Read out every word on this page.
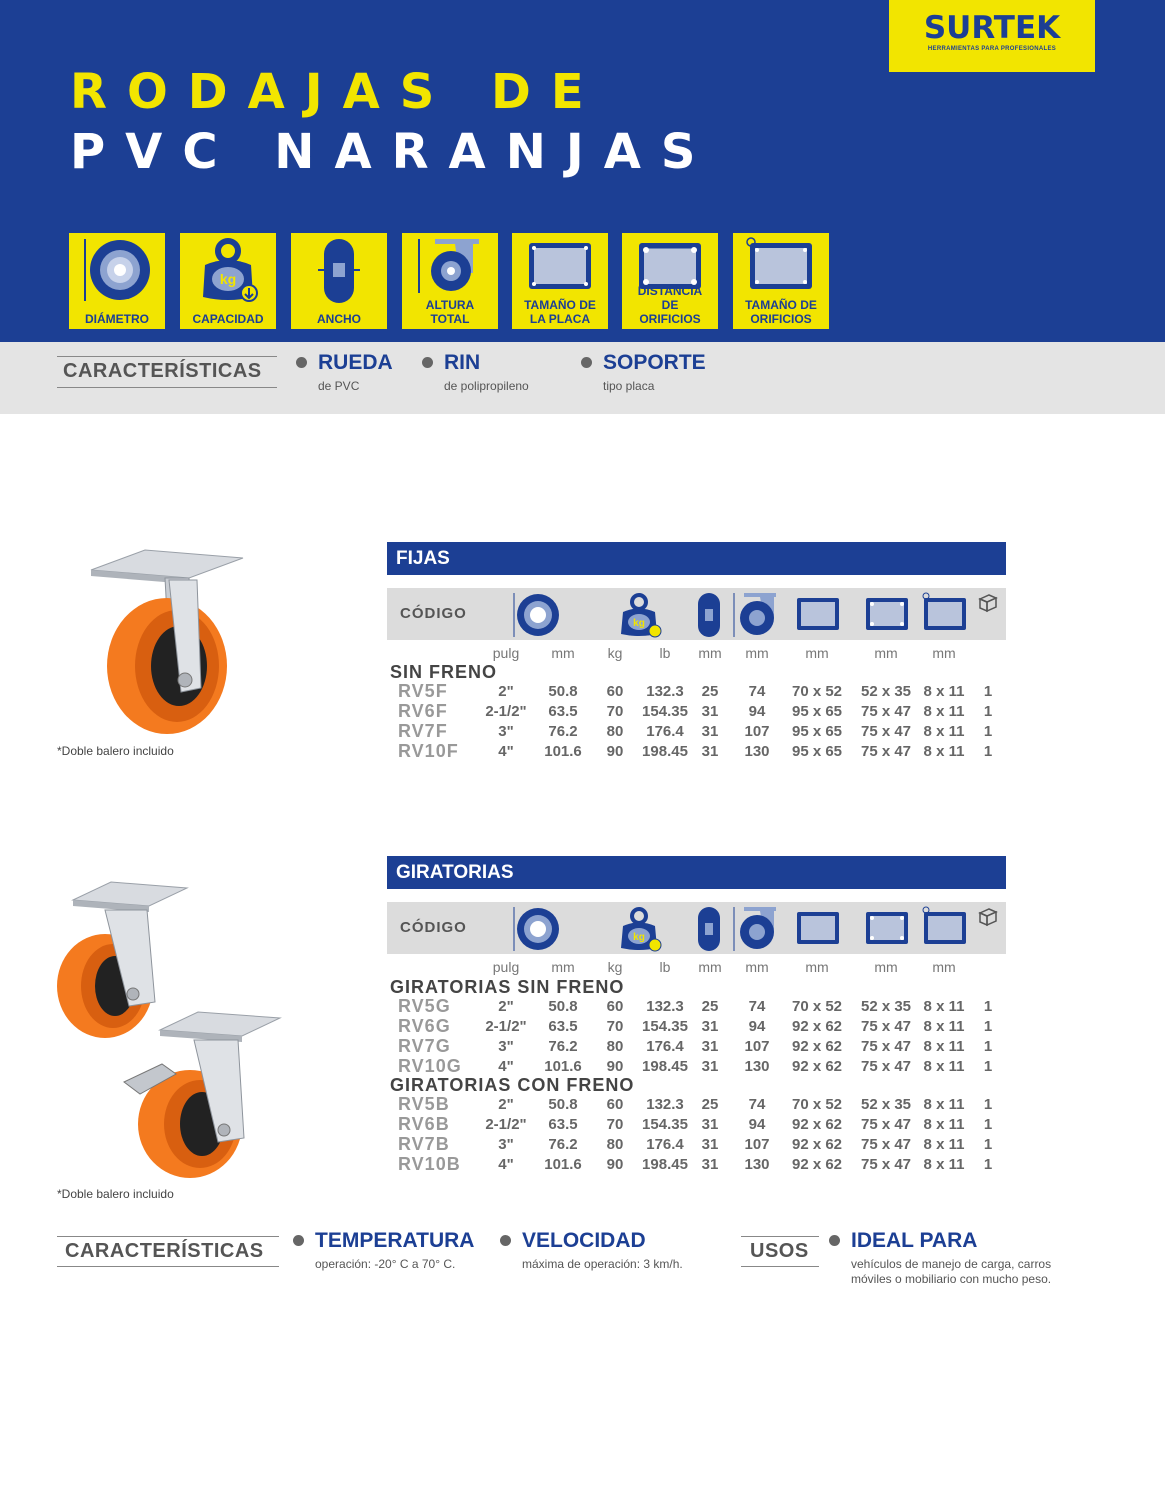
SURTEK
HERRAMIENTAS PARA PROFESIONALES
RODAJAS DE
PVC NARANJAS
DIÁMETRO
kg
CAPACIDAD	ANCHO
ALTURA TOTAL
TAMAÑO DE LA PLACA
DISTANCIA DE ORIFICIOS
TAMAÑO DE ORIFICIOS
CARACTERÍSTICAS	RUEDA
de PVC
RIN
de polipropileno
SOPORTE
tipo placa
*Doble balero incluido
FIJAS
CÓDIGO
kg
pulg mm kg	lb mm mm	mm	mm mm
SIN FRENO
RV5F	2" 50.8 60 132.3 25 74 70 x 52 52 x 35 8 x 11 1
RV6F	2-1/2" 63.5 70 154.35 31 94 95 x 65 75 x 47 8 x 11 1
RV7F	3" 76.2 80 176.4 31 107 95 x 65 75 x 47 8 x 11 1
RV10F	4" 101.6 90 198.45 31 130 95 x 65 75 x 47 8 x 11 1
*Doble balero incluido
GIRATORIAS
CÓDIGO
kg
pulg mm kg	lb mm mm	mm	mm mm
GIRATORIAS SIN FRENO
RV5G	2" 50.8 60 132.3 25 74 70 x 52 52 x 35 8 x 11 1
RV6G 2-1/2" 63.5 70 154.35 31 94 92 x 62 75 x 47 8 x 11 1
RV7G	3" 76.2 80 176.4 31 107 92 x 62 75 x 47 8 x 11 1
RV10G 4" 101.6 90 198.45 31 130 92 x 62 75 x 47 8 x 11 1
GIRATORIAS CON FRENO
RV5B	2" 50.8 60 132.3 25 74 70 x 52 52 x 35 8 x 11 1
RV6B 2-1/2" 63.5 70 154.35 31 94 92 x 62 75 x 47 8 x 11 1
RV7B	3" 76.2 80 176.4 31 107 92 x 62 75 x 47 8 x 11 1
RV10B	4" 101.6 90 198.45 31 130 92 x 62 75 x 47 8 x 11 1
CARACTERÍSTICAS TEMPERATURA
operación: -20° C a 70° C.
VELOCIDAD
máxima de operación: 3 km/h.
USOS IDEAL PARA
vehículos de manejo de carga, carros
móviles o mobiliario con mucho peso.
